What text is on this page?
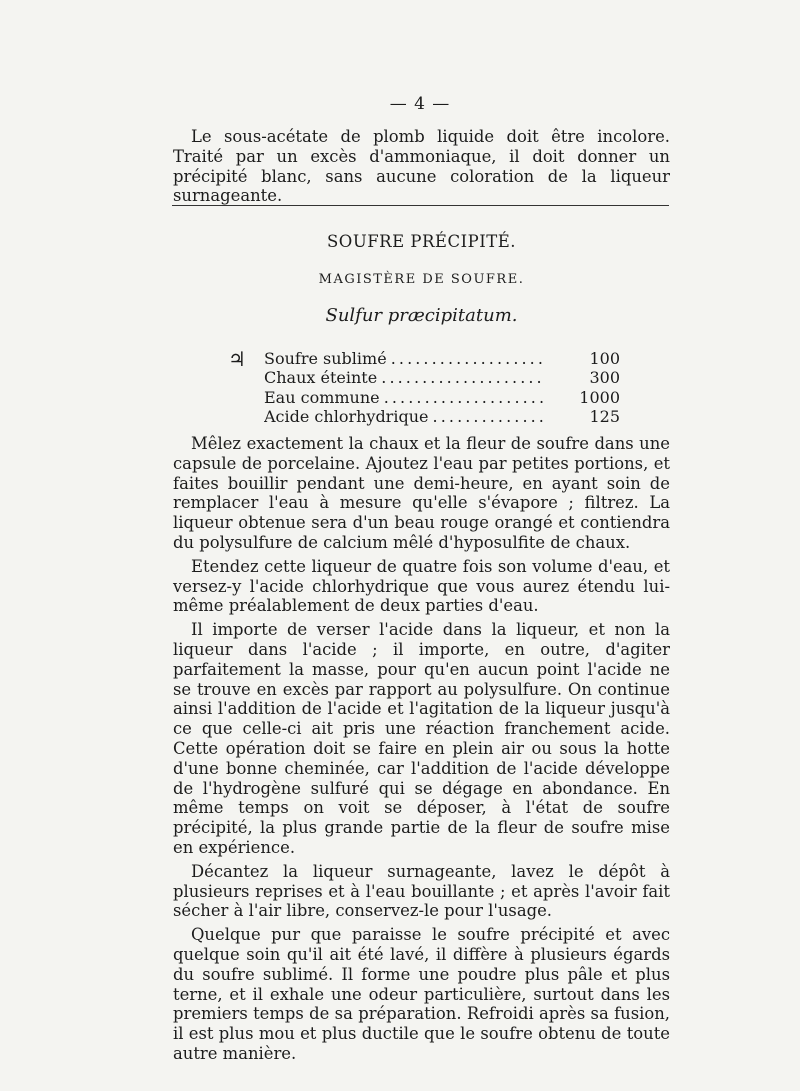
— 4 —

Le sous-acétate de plomb liquide doit être incolore. Traité par un excès d'ammoniaque, il doit donner un précipité blanc, sans aucune coloration de la liqueur surnageante.

SOUFRE PRÉCIPITÉ.
MAGISTÈRE DE SOUFRE.
Sulfur præcipitatum.
♃ Soufre sublimé . . .	100
Chaux éteinte . . .	300
Eau commune . . .	1000
Acide chlorhydrique . . .	125

Mêlez exactement la chaux et la fleur de soufre dans une capsule de porcelaine. Ajoutez l'eau par petites portions, et faites bouillir pendant une demi-heure, en ayant soin de remplacer l'eau à mesure qu'elle s'évapore ; filtrez. La liqueur obtenue sera d'un beau rouge orangé et contiendra du polysulfure de calcium mêlé d'hyposulfite de chaux.

Etendez cette liqueur de quatre fois son volume d'eau, et versez-y l'acide chlorhydrique que vous aurez étendu lui-même préalablement de deux parties d'eau.

Il importe de verser l'acide dans la liqueur, et non la liqueur dans l'acide ; il importe, en outre, d'agiter parfaitement la masse, pour qu'en aucun point l'acide ne se trouve en excès par rapport au polysulfure. On continue ainsi l'addition de l'acide et l'agitation de la liqueur jusqu'à ce que celle-ci ait pris une réaction franchement acide. Cette opération doit se faire en plein air ou sous la hotte d'une bonne cheminée, car l'addition de l'acide développe de l'hydrogène sulfuré qui se dégage en abondance. En même temps on voit se déposer, à l'état de soufre précipité, la plus grande partie de la fleur de soufre mise en expérience.

Décantez la liqueur surnageante, lavez le dépôt à plusieurs reprises et à l'eau bouillante ; et après l'avoir fait sécher à l'air libre, conservez-le pour l'usage.

Quelque pur que paraisse le soufre précipité et avec quelque soin qu'il ait été lavé, il diffère à plusieurs égards du soufre sublimé. Il forme une poudre plus pâle et plus terne, et il exhale une odeur particulière, surtout dans les premiers temps de sa préparation. Refroidi après sa fusion, il est plus mou et plus ductile que le soufre obtenu de toute autre manière.
